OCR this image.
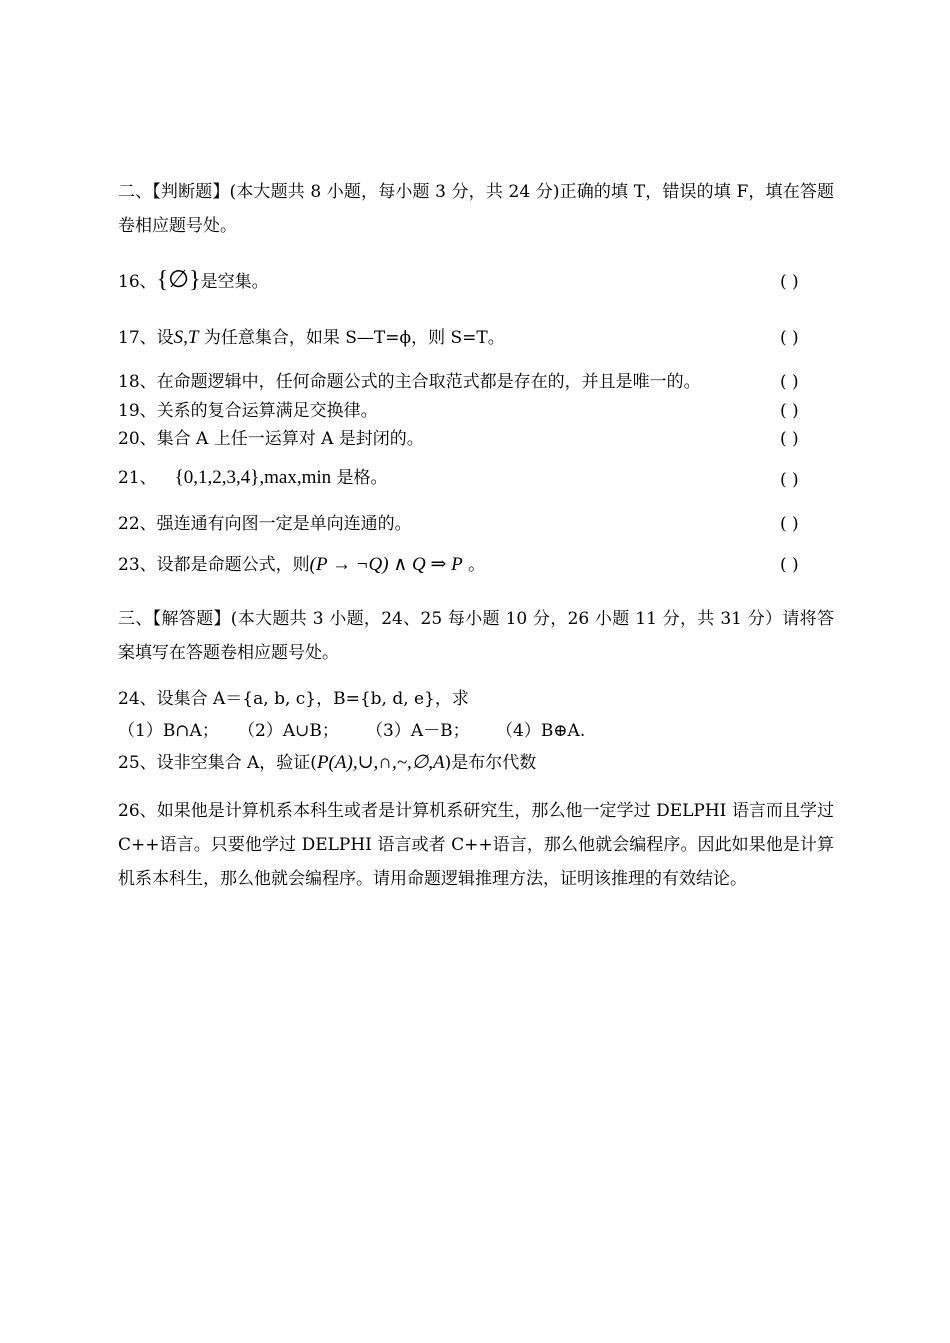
二、【判断题】(本大题共 8 小题，每小题 3 分，共 24 分)正确的填 T，错误的填 F，填在答题卷相应题号处。
16、{∅}是空集。	( )
17、设S,T 为任意集合，如果 S—T=ϕ，则 S=T。	( )
18、在命题逻辑中，任何命题公式的主合取范式都是存在的，并且是唯一的。	( )
19、关系的复合运算满足交换律。	( )
20、集合 A 上任一运算对 A 是封闭的。	( )
21、 {0,1,2,3,4},max,min 是格。	( )
22、强连通有向图一定是单向连通的。	( )
23、设都是命题公式，则(P → ¬Q) ∧ Q ⇒ P 。	( )
三、【解答题】(本大题共 3 小题，24、25 每小题 10 分，26 小题 11 分，共 31 分）请将答案填写在答题卷相应题号处。
24、设集合 A＝{a, b, c}，B={b, d, e}，求
（1）B∩A； （2）A∪B； （3）A－B； （4）B⊕A.
25、设非空集合 A，验证(P(A),∪,∩,~,∅,A)是布尔代数
26、如果他是计算机系本科生或者是计算机系研究生，那么他一定学过 DELPHI 语言而且学过 C++语言。只要他学过 DELPHI 语言或者 C++语言，那么他就会编程序。因此如果他是计算机系本科生，那么他就会编程序。请用命题逻辑推理方法，证明该推理的有效结论。
